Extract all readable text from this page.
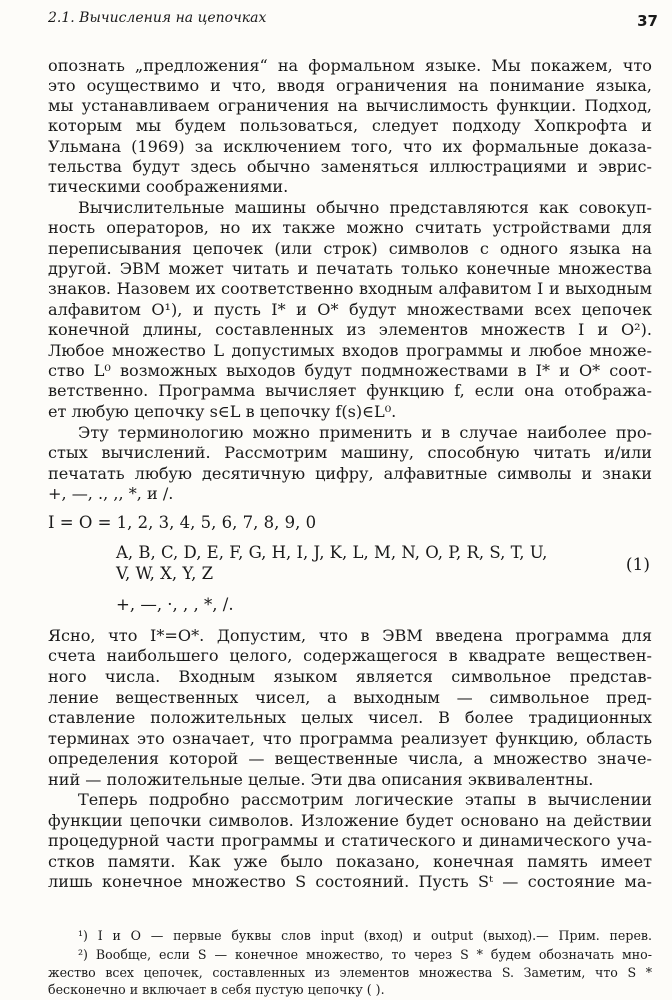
2.1. Вычисления на цепочках	37
опознать „предложения“ на формальном языке. Мы покажем, что
это осуществимо и что, вводя ограничения на понимание языка,
мы устанавливаем ограничения на вычислимость функции. Подход,
которым мы будем пользоваться, следует подходу Хопкрофта и
Ульмана (1969) за исключением того, что их формальные доказа-
тельства будут здесь обычно заменяться иллюстрациями и эврис-
тическими соображениями.
Вычислительные машины обычно представляются как совокуп-
ность операторов, но их также можно считать устройствами для
переписывания цепочек (или строк) символов с одного языка на
другой. ЭВМ может читать и печатать только конечные множества
знаков. Назовем их соответственно входным алфавитом I и выходным
алфавитом O¹), и пусть I* и O* будут множествами всех цепочек
конечной длины, составленных из элементов множеств I и O²).
Любое множество L допустимых входов программы и любое множе-
ство L⁰ возможных выходов будут подмножествами в I* и O* соот-
ветственно. Программа вычисляет функцию f, если она отобража-
ет любую цепочку s∈L в цепочку f(s)∈L⁰.
Эту терминологию можно применить и в случае наиболее про-
стых вычислений. Рассмотрим машину, способную читать и/или
печатать любую десятичную цифру, алфавитные символы и знаки
+, —, ., ,, *, и /.
I = O = 1, 2, 3, 4, 5, 6, 7, 8, 9, 0
A, B, C, D, E, F, G, H, I, J, K, L, M, N, O, P, R, S, T, U,
V, W, X, Y, Z
+, —, ·, , , *, /.
(1)
Ясно, что I*=O*. Допустим, что в ЭВМ введена программа для
счета наибольшего целого, содержащегося в квадрате веществен-
ного числа. Входным языком является символьное представ-
ление вещественных чисел, а выходным — символьное пред-
ставление положительных целых чисел. В более традиционных
терминах это означает, что программа реализует функцию, область
определения которой — вещественные числа, а множество значе-
ний — положительные целые. Эти два описания эквивалентны.
Теперь подробно рассмотрим логические этапы в вычислении
функции цепочки символов. Изложение будет основано на действии
процедурной части программы и статического и динамического уча-
стков памяти. Как уже было показано, конечная память имеет
лишь конечное множество S состояний. Пусть Sᵗ — состояние ма-
¹) I и O — первые буквы слов input (вход) и output (выход).— Прим. перев.
²) Вообще, если S — конечное множество, то через S * будем обозначать мно-
жество всех цепочек, составленных из элементов множества S. Заметим, что S *
бесконечно и включает в себя пустую цепочку ( ).
